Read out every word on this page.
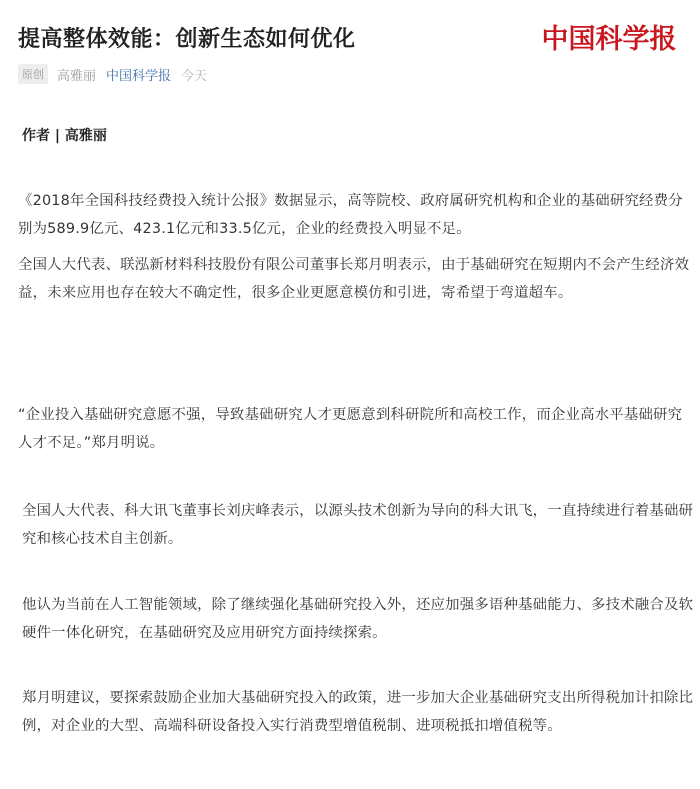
提高整体效能：创新生态如何优化	中国科学报
原创	高雅丽 中国科学报 今天
作者 | 高雅丽

《2018年全国科技经费投入统计公报》数据显示，高等院校、政府属研究机构和企业的基础研究经费分别为589.9亿元、423.1亿元和33.5亿元，企业的经费投入明显不足。

全国人大代表、联泓新材料科技股份有限公司董事长郑月明表示，由于基础研究在短期内不会产生经济效益，未来应用也存在较大不确定性，很多企业更愿意模仿和引进，寄希望于弯道超车。

“企业投入基础研究意愿不强，导致基础研究人才更愿意到科研院所和高校工作，而企业高水平基础研究人才不足。”郑月明说。

全国人大代表、科大讯飞董事长刘庆峰表示，以源头技术创新为导向的科大讯飞，一直持续进行着基础研究和核心技术自主创新。

他认为当前在人工智能领域，除了继续强化基础研究投入外，还应加强多语种基础能力、多技术融合及软硬件一体化研究，在基础研究及应用研究方面持续探索。

郑月明建议，要探索鼓励企业加大基础研究投入的政策，进一步加大企业基础研究支出所得税加计扣除比例，对企业的大型、高端科研设备投入实行消费型增值税制、进项税抵扣增值税等。
